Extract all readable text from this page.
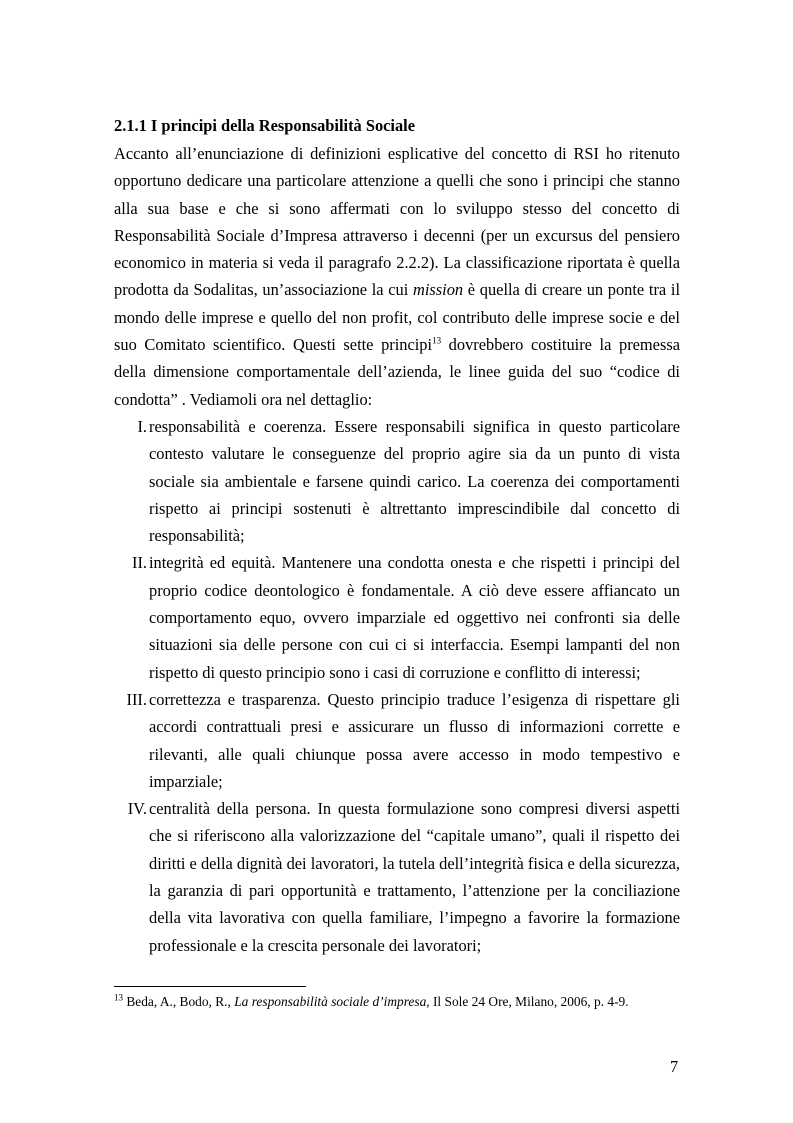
2.1.1 I principi della Responsabilità Sociale

Accanto all’enunciazione di definizioni esplicative del concetto di RSI ho ritenuto opportuno dedicare una particolare attenzione a quelli che sono i principi che stanno alla sua base e che si sono affermati con lo sviluppo stesso del concetto di Responsabilità Sociale d’Impresa attraverso i decenni (per un excursus del pensiero economico in materia si veda il paragrafo 2.2.2). La classificazione riportata è quella prodotta da Sodalitas, un’associazione la cui mission è quella di creare un ponte tra il mondo delle imprese e quello del non profit, col contributo delle imprese socie e del suo Comitato scientifico. Questi sette principi$^{13}$ dovrebbero costituire la premessa della dimensione comportamentale dell’azienda, le linee guida del suo “codice di condotta” . Vediamoli ora nel dettaglio:

I. responsabilità e coerenza. Essere responsabili significa in questo particolare contesto valutare le conseguenze del proprio agire sia da un punto di vista sociale sia ambientale e farsene quindi carico. La coerenza dei comportamenti rispetto ai principi sostenuti è altrettanto imprescindibile dal concetto di responsabilità;
II. integrità ed equità. Mantenere una condotta onesta e che rispetti i principi del proprio codice deontologico è fondamentale. A ciò deve essere affiancato un comportamento equo, ovvero imparziale ed oggettivo nei confronti sia delle situazioni sia delle persone con cui ci si interfaccia. Esempi lampanti del non rispetto di questo principio sono i casi di corruzione e conflitto di interessi;
III. correttezza e trasparenza. Questo principio traduce l’esigenza di rispettare gli accordi contrattuali presi e assicurare un flusso di informazioni corrette e rilevanti, alle quali chiunque possa avere accesso in modo tempestivo e imparziale;
IV. centralità della persona. In questa formulazione sono compresi diversi aspetti che si riferiscono alla valorizzazione del “capitale umano”, quali il rispetto dei diritti e della dignità dei lavoratori, la tutela dell’integrità fisica e della sicurezza, la garanzia di pari opportunità e trattamento, l’attenzione per la conciliazione della vita lavorativa con quella familiare, l’impegno a favorire la formazione professionale e la crescita personale dei lavoratori;

$^{13}$ Beda, A., Bodo, R., La responsabilità sociale d’impresa, Il Sole 24 Ore, Milano, 2006, p. 4-9.

7
